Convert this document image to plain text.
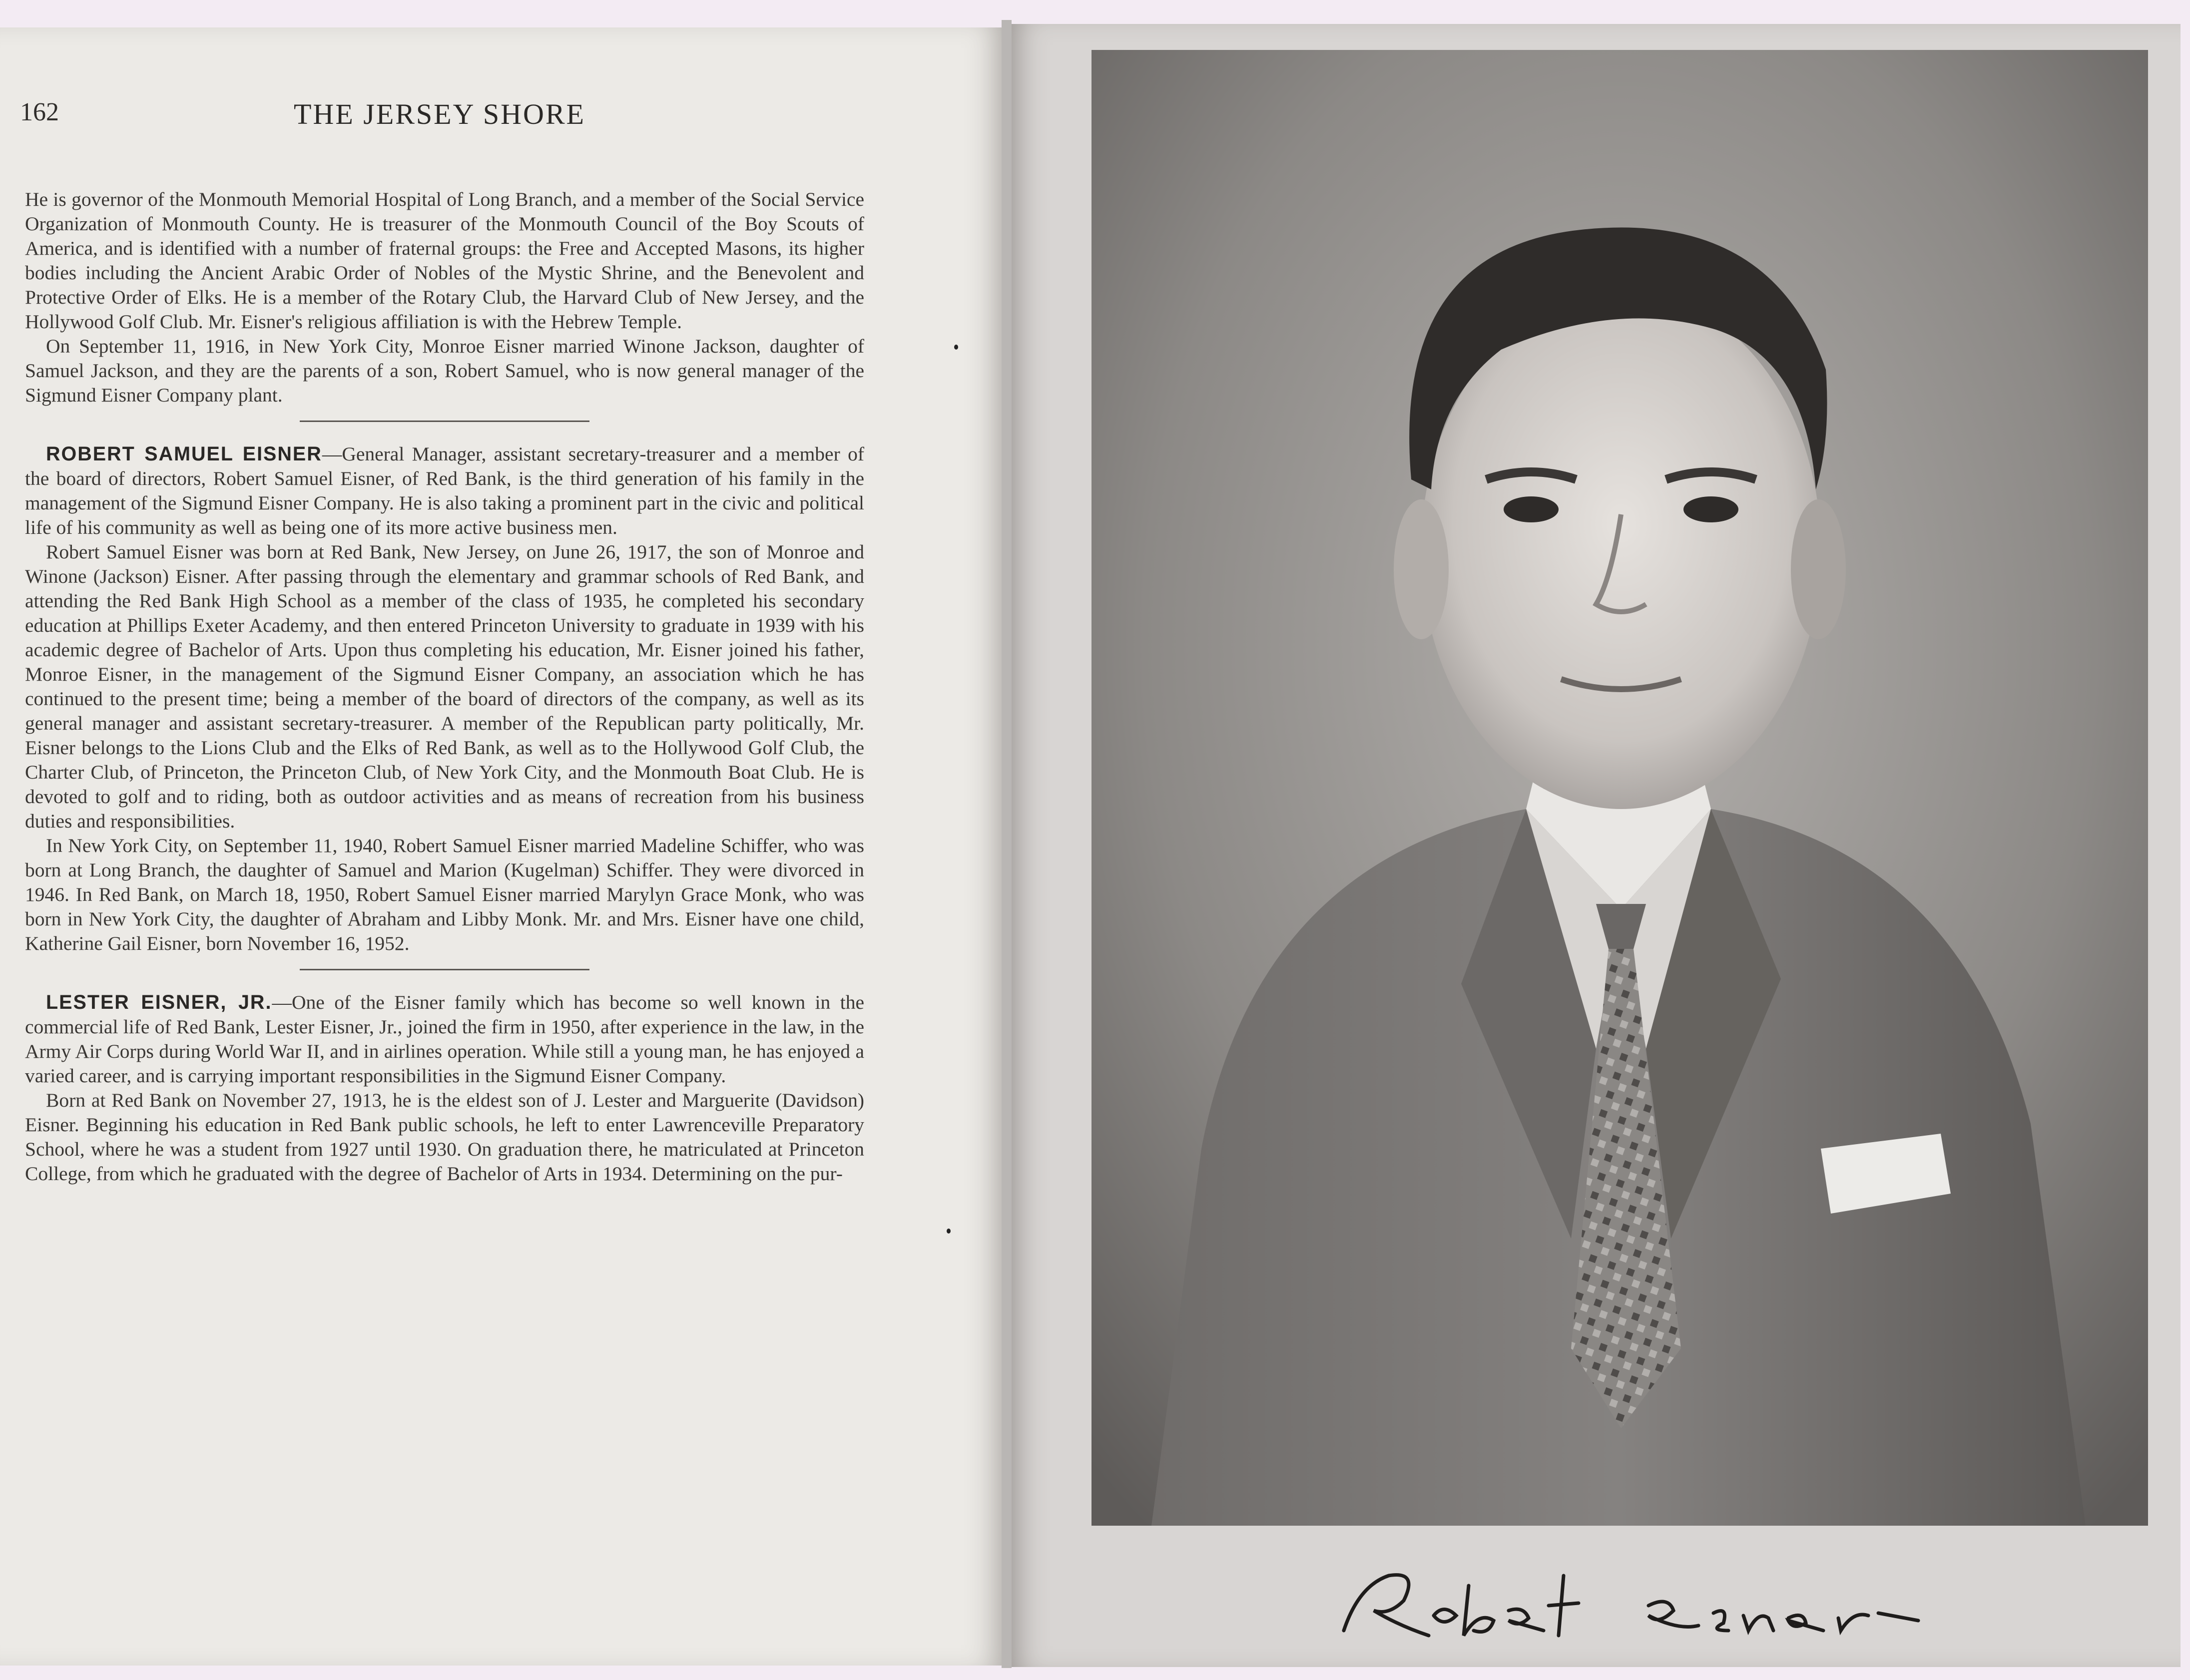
162	THE JERSEY SHORE

He is governor of the Monmouth Memorial Hospital of Long Branch, and a member of the Social Service Organization of Monmouth County. He is treasurer of the Monmouth Council of the Boy Scouts of America, and is identified with a number of fraternal groups: the Free and Accepted Masons, its higher bodies including the Ancient Arabic Order of Nobles of the Mystic Shrine, and the Benevolent and Protective Order of Elks. He is a member of the Rotary Club, the Harvard Club of New Jersey, and the Hollywood Golf Club. Mr. Eisner's religious affiliation is with the Hebrew Temple.

On September 11, 1916, in New York City, Monroe Eisner married Winone Jackson, daughter of Samuel Jackson, and they are the parents of a son, Robert Samuel, who is now general manager of the Sigmund Eisner Company plant.

ROBERT SAMUEL EISNER—General Manager, assistant secretary-treasurer and a member of the board of directors, Robert Samuel Eisner, of Red Bank, is the third generation of his family in the management of the Sigmund Eisner Company. He is also taking a prominent part in the civic and political life of his community as well as being one of its more active business men.

Robert Samuel Eisner was born at Red Bank, New Jersey, on June 26, 1917, the son of Monroe and Winone (Jackson) Eisner. After passing through the elementary and grammar schools of Red Bank, and attending the Red Bank High School as a member of the class of 1935, he completed his secondary education at Phillips Exeter Academy, and then entered Princeton University to graduate in 1939 with his academic degree of Bachelor of Arts. Upon thus completing his education, Mr. Eisner joined his father, Monroe Eisner, in the management of the Sigmund Eisner Company, an association which he has continued to the present time; being a member of the board of directors of the company, as well as its general manager and assistant secretary-treasurer. A member of the Republican party politically, Mr. Eisner belongs to the Lions Club and the Elks of Red Bank, as well as to the Hollywood Golf Club, the Charter Club, of Princeton, the Princeton Club, of New York City, and the Monmouth Boat Club. He is devoted to golf and to riding, both as outdoor activities and as means of recreation from his business duties and responsibilities.

In New York City, on September 11, 1940, Robert Samuel Eisner married Madeline Schiffer, who was born at Long Branch, the daughter of Samuel and Marion (Kugelman) Schiffer. They were divorced in 1946. In Red Bank, on March 18, 1950, Robert Samuel Eisner married Marylyn Grace Monk, who was born in New York City, the daughter of Abraham and Libby Monk. Mr. and Mrs. Eisner have one child, Katherine Gail Eisner, born November 16, 1952.

LESTER EISNER, JR.—One of the Eisner family which has become so well known in the commercial life of Red Bank, Lester Eisner, Jr., joined the firm in 1950, after experience in the law, in the Army Air Corps during World War II, and in airlines operation. While still a young man, he has enjoyed a varied career, and is carrying important responsibilities in the Sigmund Eisner Company.

Born at Red Bank on November 27, 1913, he is the eldest son of J. Lester and Marguerite (Davidson) Eisner. Beginning his education in Red Bank public schools, he left to enter Lawrenceville Preparatory School, where he was a student from 1927 until 1930. On graduation there, he matriculated at Princeton College, from which he graduated with the degree of Bachelor of Arts in 1934. Determining on the pur-
